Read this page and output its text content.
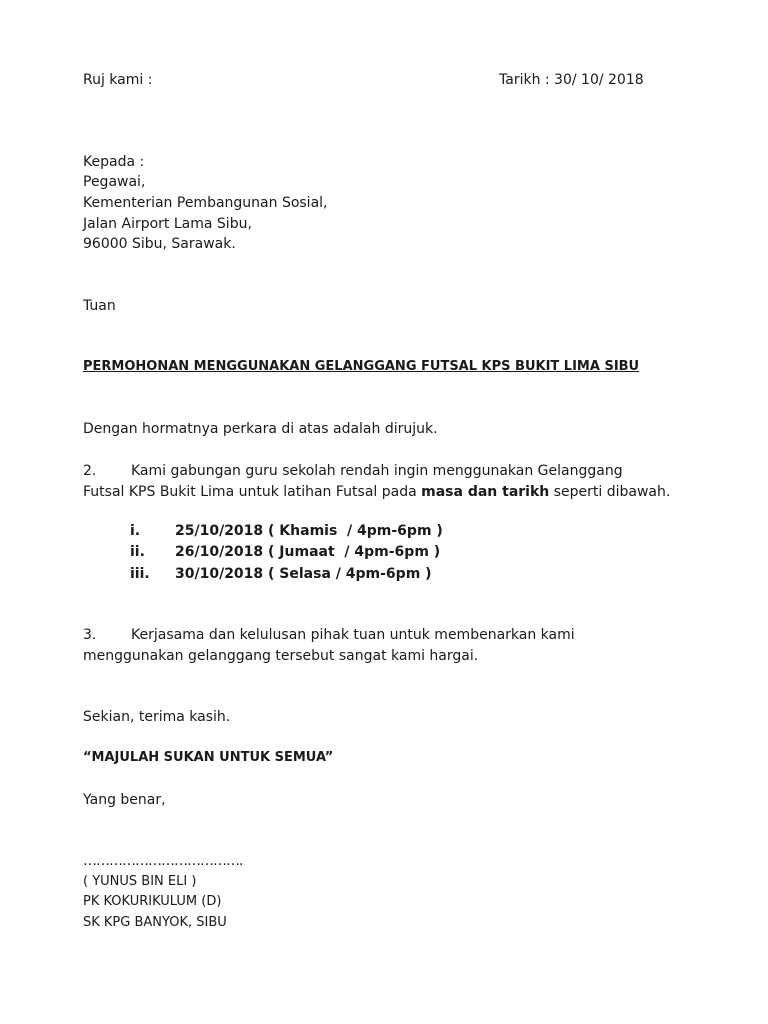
Ruj kami :	Tarikh : 30/ 10/ 2018
Kepada :
Pegawai,
Kementerian Pembangunan Sosial,
Jalan Airport Lama Sibu,
96000 Sibu, Sarawak.
Tuan
PERMOHONAN MENGGUNAKAN GELANGGANG FUTSAL KPS BUKIT LIMA SIBU
Dengan hormatnya perkara di atas adalah dirujuk.
2. Kami gabungan guru sekolah rendah ingin menggunakan Gelanggang
Futsal KPS Bukit Lima untuk latihan Futsal pada masa dan tarikh seperti dibawah.
i. 25/10/2018 ( Khamis  / 4pm-6pm )
ii. 26/10/2018 ( Jumaat  / 4pm-6pm )
iii. 30/10/2018 ( Selasa / 4pm-6pm )
3. Kerjasama dan kelulusan pihak tuan untuk membenarkan kami
menggunakan gelanggang tersebut sangat kami hargai.
Sekian, terima kasih.
“MAJULAH SUKAN UNTUK SEMUA”
Yang benar,
……………………………….
( YUNUS BIN ELI )
PK KOKURIKULUM (D)
SK KPG BANYOK, SIBU
